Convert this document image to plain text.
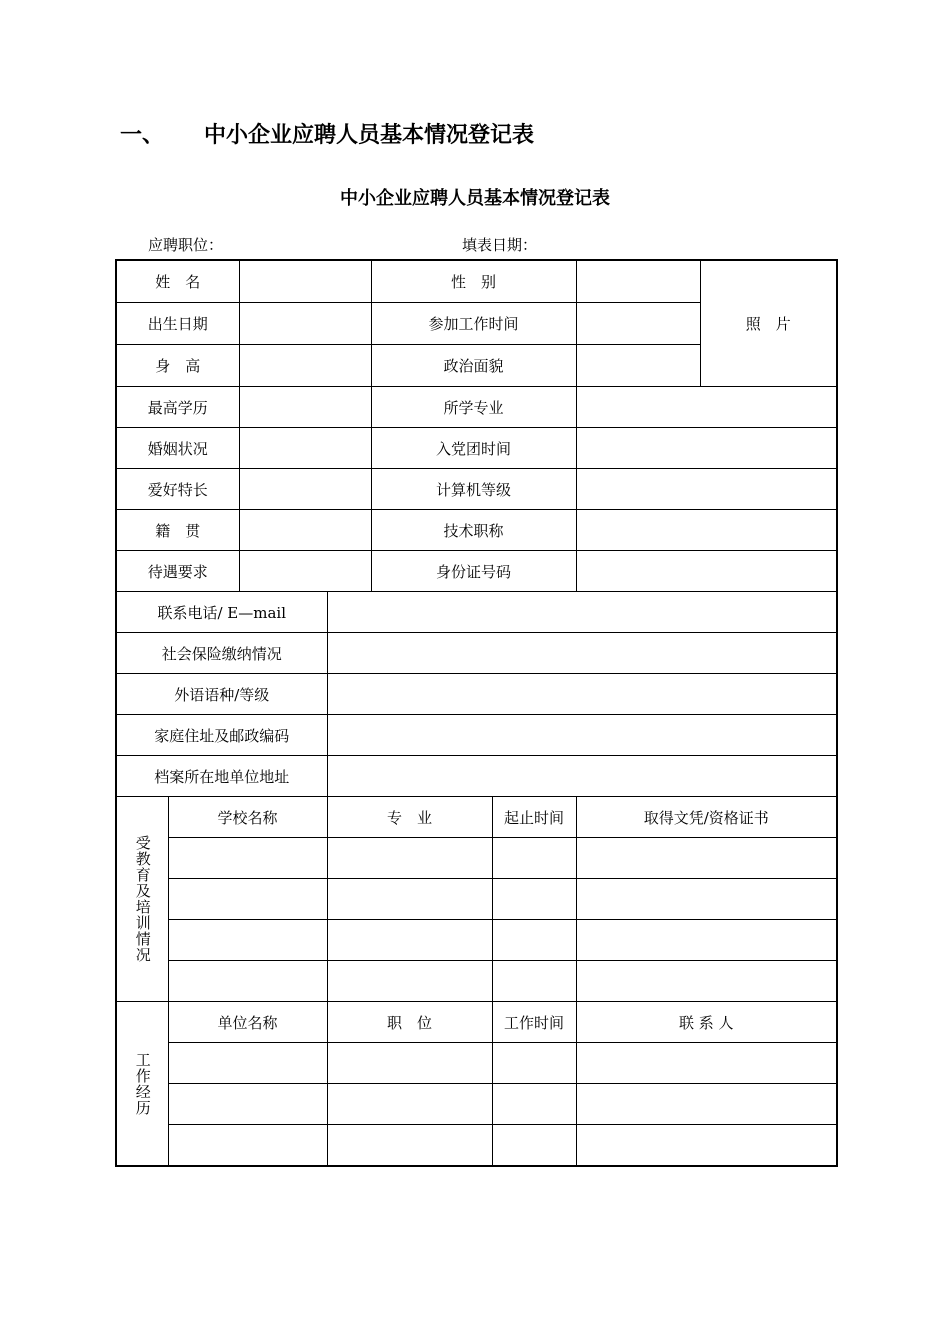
一、 中小企业应聘人员基本情况登记表
中小企业应聘人员基本情况登记表
应聘职位：	填表日期：
姓　名				性　别			照　片
出生日期				参加工作时间			
身　高				政治面貌			
最高学历				所学专业			
婚姻状况				入党团时间			
爱好特长				计算机等级			
籍　贯				技术职称			
待遇要求				身份证号码			
联系电话/ E—mail							
社会保险缴纳情况							
外语语种/等级							
家庭住址及邮政编码							
档案所在地单位地址							
受教育及培训情况	学校名称		专　业		起止时间	取得文凭/资格证书	

工作经历	单位名称		职　位		工作时间	联 系 人	
